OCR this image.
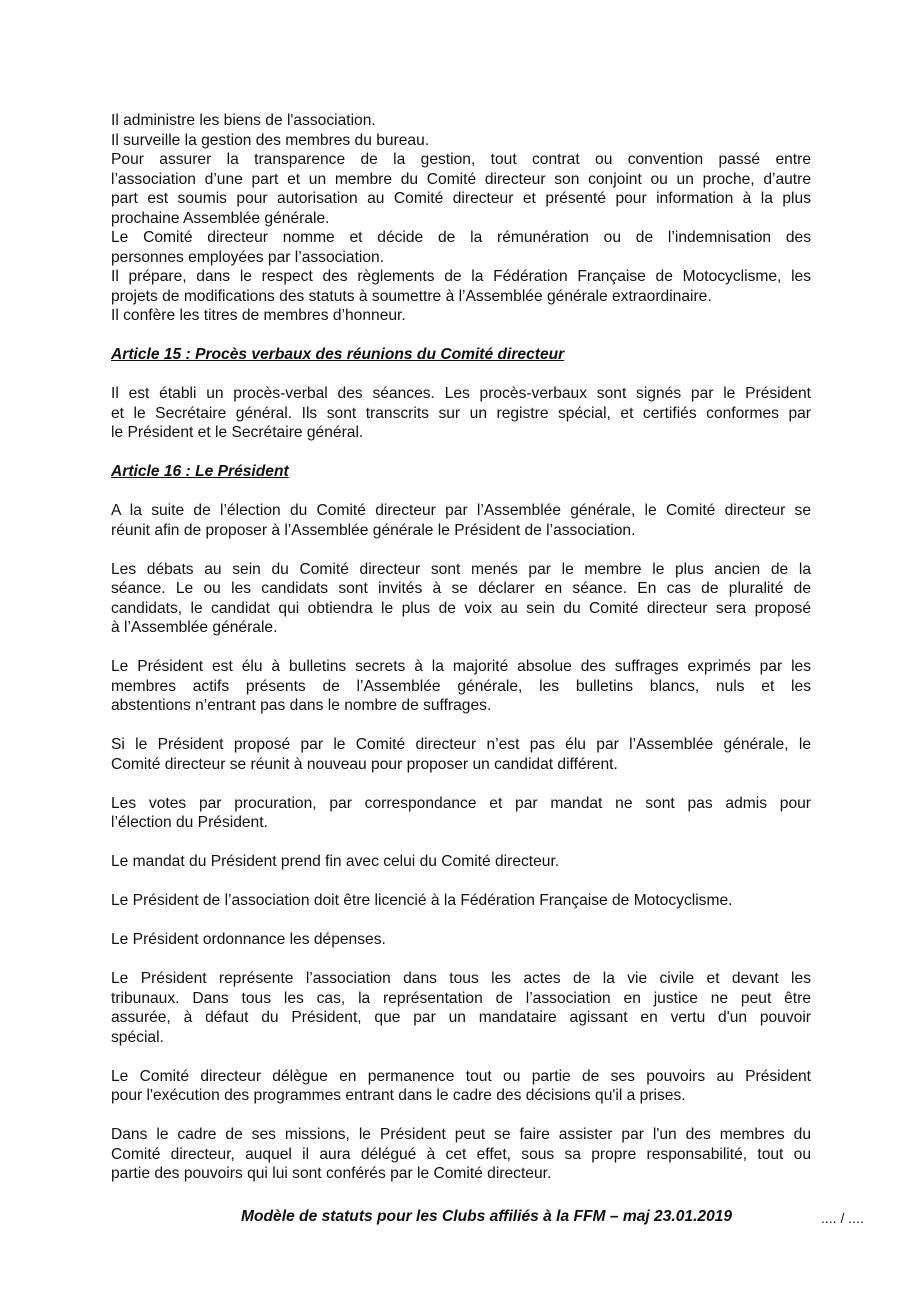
Il administre les biens de l'association.
Il surveille la gestion des membres du bureau.
Pour assurer la transparence de la gestion, tout contrat ou convention passé entre
l’association d’une part et un membre du Comité directeur son conjoint ou un proche, d’autre
part est soumis pour autorisation au Comité directeur et présenté pour information à la plus
prochaine Assemblée générale.
Le Comité directeur nomme et décide de la rémunération ou de l’indemnisation des
personnes employées par l’association.
Il prépare, dans le respect des règlements de la Fédération Française de Motocyclisme, les
projets de modifications des statuts à soumettre à l’Assemblée générale extraordinaire.
Il confère les titres de membres d’honneur.
Article 15 : Procès verbaux des réunions du Comité directeur
Il est établi un procès-verbal des séances. Les procès-verbaux sont signés par le Président
et le Secrétaire général. Ils sont transcrits sur un registre spécial, et certifiés conformes par
le Président et le Secrétaire général.
Article 16 : Le Président
A la suite de l’élection du Comité directeur par l’Assemblée générale, le Comité directeur se
réunit afin de proposer à l’Assemblée générale le Président de l’association.
Les débats au sein du Comité directeur sont menés par le membre le plus ancien de la
séance. Le ou les candidats sont invités à se déclarer en séance. En cas de pluralité de
candidats, le candidat qui obtiendra le plus de voix au sein du Comité directeur sera proposé
à l’Assemblée générale.
Le Président est élu à bulletins secrets à la majorité absolue des suffrages exprimés par les
membres actifs présents de l’Assemblée générale, les bulletins blancs, nuls et les
abstentions n’entrant pas dans le nombre de suffrages.
Si le Président proposé par le Comité directeur n’est pas élu par l’Assemblée générale, le
Comité directeur se réunit à nouveau pour proposer un candidat différent.
Les votes par procuration, par correspondance et par mandat ne sont pas admis pour
l’élection du Président.
Le mandat du Président prend fin avec celui du Comité directeur.
Le Président de l’association doit être licencié à la Fédération Française de Motocyclisme.
Le Président ordonnance les dépenses.
Le Président représente l’association dans tous les actes de la vie civile et devant les
tribunaux. Dans tous les cas, la représentation de l’association en justice ne peut être
assurée, à défaut du Président, que par un mandataire agissant en vertu d'un pouvoir
spécial.
Le Comité directeur délègue en permanence tout ou partie de ses pouvoirs au Président
pour l'exécution des programmes entrant dans le cadre des décisions qu'il a prises.
Dans le cadre de ses missions, le Président peut se faire assister par l'un des membres du
Comité directeur, auquel il aura délégué à cet effet, sous sa propre responsabilité, tout ou
partie des pouvoirs qui lui sont conférés par le Comité directeur.
Modèle de statuts pour les Clubs affiliés à la FFM – maj 23.01.2019	.... / ....
